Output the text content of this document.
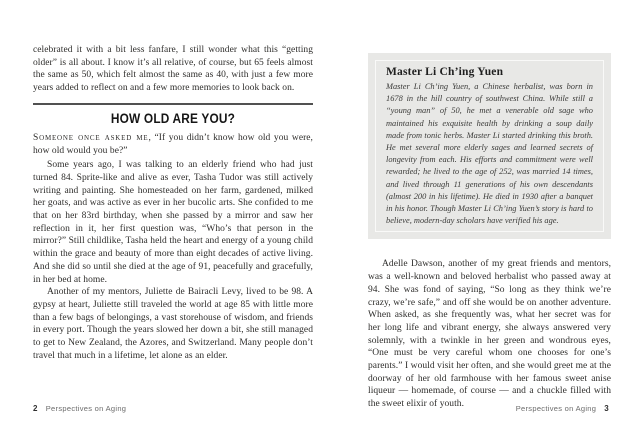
celebrated it with a bit less fanfare, I still wonder what this “getting older” is all about. I know it’s all relative, of course, but 65 feels almost the same as 50, which felt almost the same as 40, with just a few more years added to reflect on and a few more memories to look back on.

HOW OLD ARE YOU?

Someone once asked me, “If you didn’t know how old you were, how old would you be?”

Some years ago, I was talking to an elderly friend who had just turned 84. Sprite-like and alive as ever, Tasha Tudor was still actively writing and painting. She homesteaded on her farm, gardened, milked her goats, and was active as ever in her bucolic arts. She confided to me that on her 83rd birthday, when she passed by a mirror and saw her reflection in it, her first question was, “Who’s that person in the mirror?” Still childlike, Tasha held the heart and energy of a young child within the grace and beauty of more than eight decades of active living. And she did so until she died at the age of 91, peacefully and gracefully, in her bed at home.

Another of my mentors, Juliette de Bairacli Levy, lived to be 98. A gypsy at heart, Juliette still traveled the world at age 85 with little more than a few bags of belongings, a vast storehouse of wisdom, and friends in every port. Though the years slowed her down a bit, she still managed to get to New Zealand, the Azores, and Switzerland. Many people don’t travel that much in a lifetime, let alone as an elder.

Master Li Ch’ing Yuen

Master Li Ch’ing Yuen, a Chinese herbalist, was born in 1678 in the hill country of southwest China. While still a “young man” of 50, he met a venerable old sage who maintained his exquisite health by drinking a soup daily made from tonic herbs. Master Li started drinking this broth. He met several more elderly sages and learned secrets of longevity from each. His efforts and commitment were well rewarded; he lived to the age of 252, was married 14 times, and lived through 11 generations of his own descendants (almost 200 in his lifetime). He died in 1930 after a banquet in his honor. Though Master Li Ch’ing Yuen’s story is hard to believe, modern-day scholars have verified his age.

Adelle Dawson, another of my great friends and mentors, was a well-known and beloved herbalist who passed away at 94. She was fond of saying, “So long as they think we’re crazy, we’re safe,” and off she would be on another adventure. When asked, as she frequently was, what her secret was for her long life and vibrant energy, she always answered very solemnly, with a twinkle in her green and wondrous eyes, “One must be very careful whom one chooses for one’s parents.” I would visit her often, and she would greet me at the doorway of her old farmhouse with her famous sweet anise liqueur — homemade, of course — and a chuckle filled with the sweet elixir of youth.

2 Perspectives on Aging	Perspectives on Aging 3
